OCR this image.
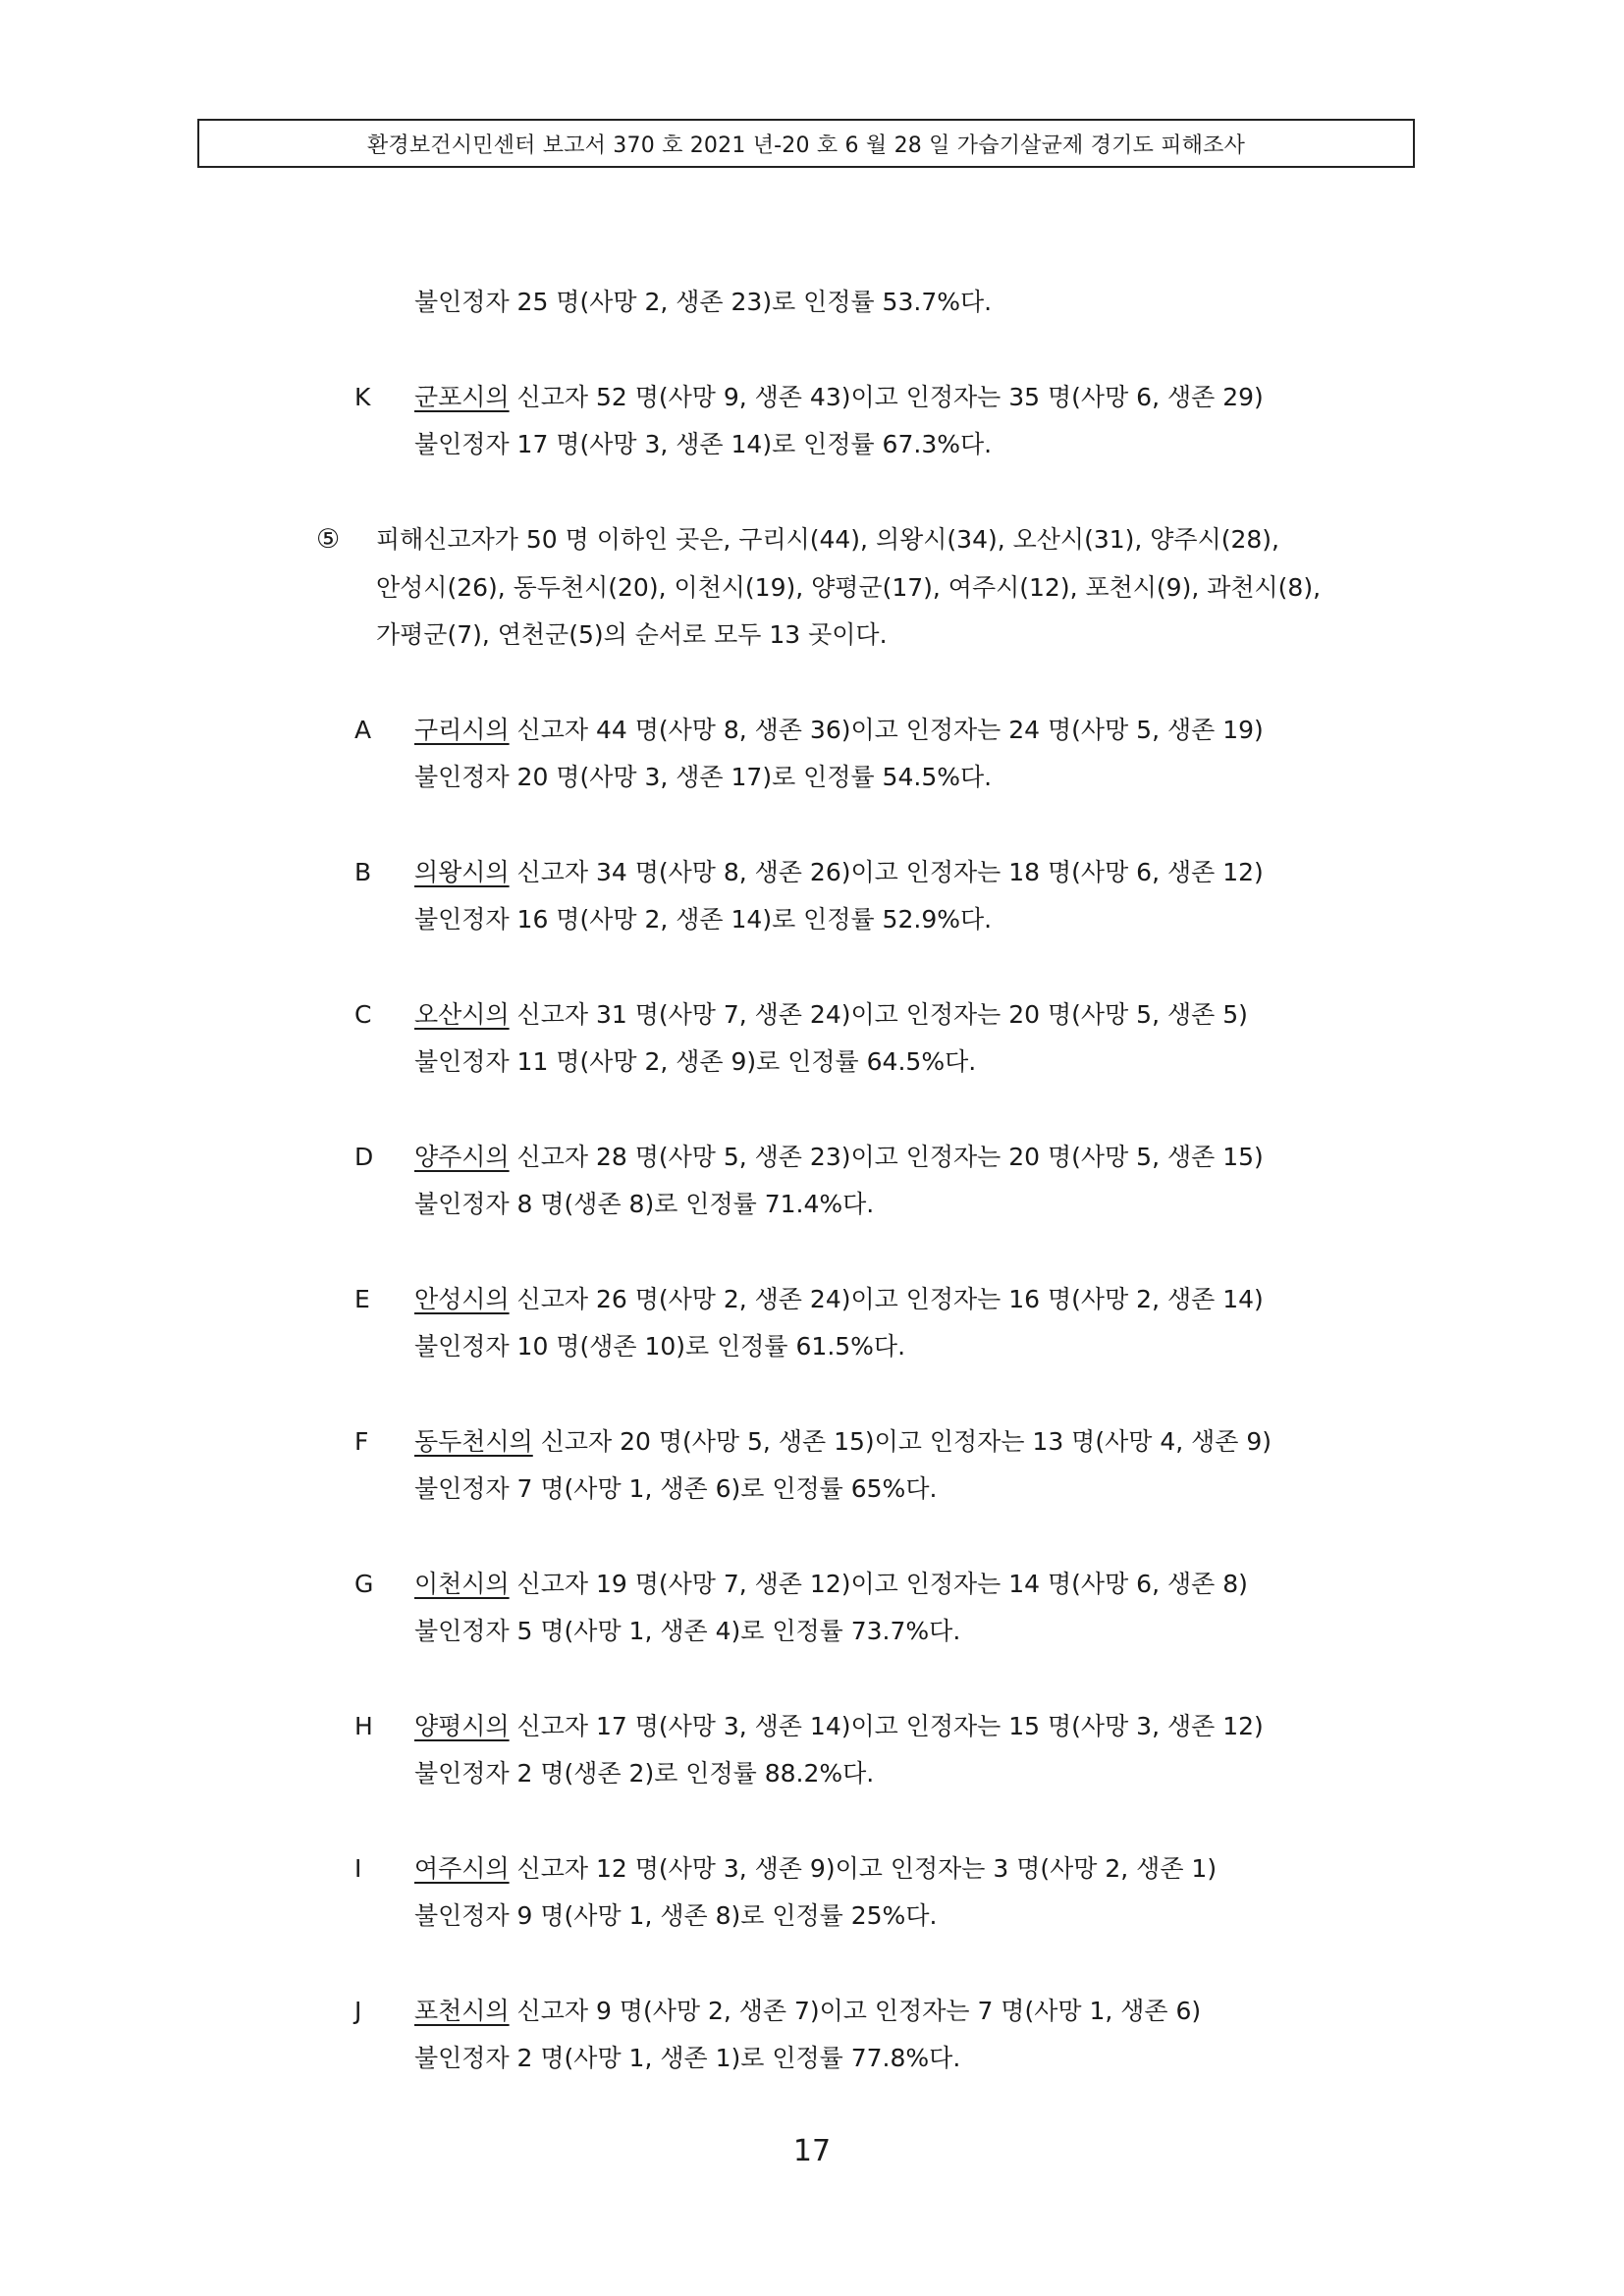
환경보건시민센터 보고서 370 호 2021 년-20 호 6 월 28 일 가습기살균제 경기도 피해조사
불인정자 25 명(사망 2, 생존 23)로 인정률 53.7%다.
K 군포시의 신고자 52 명(사망 9, 생존 43)이고 인정자는 35 명(사망 6, 생존 29)
불인정자 17 명(사망 3, 생존 14)로 인정률 67.3%다.
⑤ 피해신고자가 50 명 이하인 곳은, 구리시(44), 의왕시(34), 오산시(31), 양주시(28),
안성시(26), 동두천시(20), 이천시(19), 양평군(17), 여주시(12), 포천시(9), 과천시(8),
가평군(7), 연천군(5)의 순서로 모두 13 곳이다.
A 구리시의 신고자 44 명(사망 8, 생존 36)이고 인정자는 24 명(사망 5, 생존 19)
불인정자 20 명(사망 3, 생존 17)로 인정률 54.5%다.
B 의왕시의 신고자 34 명(사망 8, 생존 26)이고 인정자는 18 명(사망 6, 생존 12)
불인정자 16 명(사망 2, 생존 14)로 인정률 52.9%다.
C 오산시의 신고자 31 명(사망 7, 생존 24)이고 인정자는 20 명(사망 5, 생존 5)
불인정자 11 명(사망 2, 생존 9)로 인정률 64.5%다.
D 양주시의 신고자 28 명(사망 5, 생존 23)이고 인정자는 20 명(사망 5, 생존 15)
불인정자 8 명(생존 8)로 인정률 71.4%다.
E 안성시의 신고자 26 명(사망 2, 생존 24)이고 인정자는 16 명(사망 2, 생존 14)
불인정자 10 명(생존 10)로 인정률 61.5%다.
F 동두천시의 신고자 20 명(사망 5, 생존 15)이고 인정자는 13 명(사망 4, 생존 9)
불인정자 7 명(사망 1, 생존 6)로 인정률 65%다.
G 이천시의 신고자 19 명(사망 7, 생존 12)이고 인정자는 14 명(사망 6, 생존 8)
불인정자 5 명(사망 1, 생존 4)로 인정률 73.7%다.
H 양평시의 신고자 17 명(사망 3, 생존 14)이고 인정자는 15 명(사망 3, 생존 12)
불인정자 2 명(생존 2)로 인정률 88.2%다.
I 여주시의 신고자 12 명(사망 3, 생존 9)이고 인정자는 3 명(사망 2, 생존 1)
불인정자 9 명(사망 1, 생존 8)로 인정률 25%다.
J 포천시의 신고자 9 명(사망 2, 생존 7)이고 인정자는 7 명(사망 1, 생존 6)
불인정자 2 명(사망 1, 생존 1)로 인정률 77.8%다.
17
